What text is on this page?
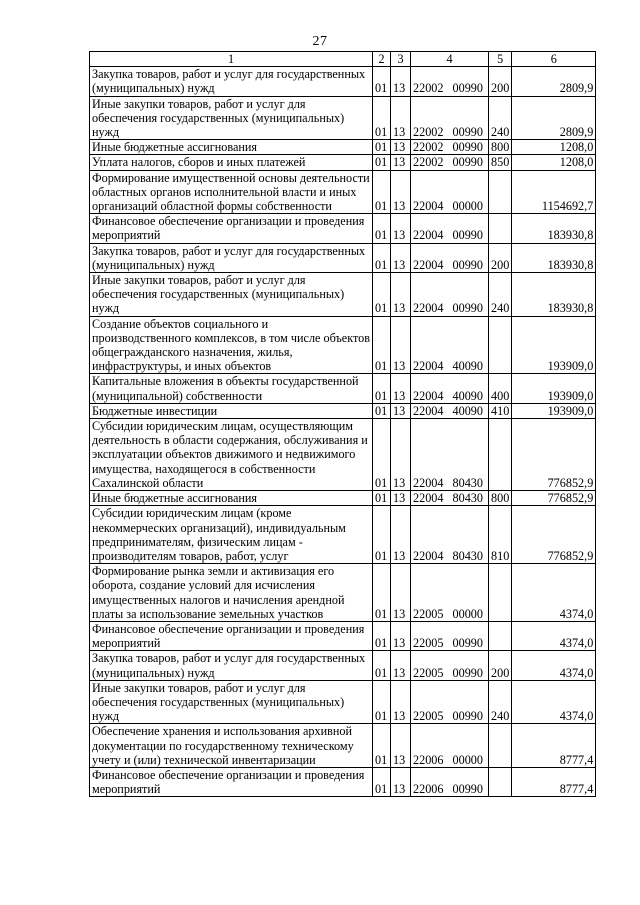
27
1	2	3	4	5	6
Закупка товаров, работ и услуг для государственных (муниципальных) нужд	01	13	22002 00990	200	2809,9
Иные закупки товаров, работ и услуг для обеспечения государственных (муниципальных) нужд	01	13	22002 00990	240	2809,9
Иные бюджетные ассигнования	01	13	22002 00990	800	1208,0
Уплата налогов, сборов и иных платежей	01	13	22002 00990	850	1208,0
Формирование имущественной основы деятельности областных органов исполнительной власти и иных организаций областной формы собственности	01	13	22004 00000		1154692,7
Финансовое обеспечение организации и проведения мероприятий	01	13	22004 00990		183930,8
Закупка товаров, работ и услуг для государственных (муниципальных) нужд	01	13	22004 00990	200	183930,8
Иные закупки товаров, работ и услуг для обеспечения государственных (муниципальных) нужд	01	13	22004 00990	240	183930,8
Создание объектов социального и производственного комплексов, в том числе объектов общегражданского назначения, жилья, инфраструктуры, и иных объектов	01	13	22004 40090		193909,0
Капитальные вложения в объекты государственной (муниципальной) собственности	01	13	22004 40090	400	193909,0
Бюджетные инвестиции	01	13	22004 40090	410	193909,0
Субсидии юридическим лицам, осуществляющим деятельность в области содержания, обслуживания и эксплуатации объектов движимого и недвижимого имущества, находящегося в собственности Сахалинской области	01	13	22004 80430		776852,9
Иные бюджетные ассигнования	01	13	22004 80430	800	776852,9
Субсидии юридическим лицам (кроме некоммерческих организаций), индивидуальным предпринимателям, физическим лицам - производителям товаров, работ, услуг	01	13	22004 80430	810	776852,9
Формирование рынка земли и активизация его оборота, создание условий для исчисления имущественных налогов и начисления арендной платы за использование земельных участков	01	13	22005 00000		4374,0
Финансовое обеспечение организации и проведения мероприятий	01	13	22005 00990		4374,0
Закупка товаров, работ и услуг для государственных (муниципальных) нужд	01	13	22005 00990	200	4374,0
Иные закупки товаров, работ и услуг для обеспечения государственных (муниципальных) нужд	01	13	22005 00990	240	4374,0
Обеспечение хранения и использования архивной документации по государственному техническому учету и (или) технической инвентаризации	01	13	22006 00000		8777,4
Финансовое обеспечение организации и проведения мероприятий	01	13	22006 00990		8777,4
